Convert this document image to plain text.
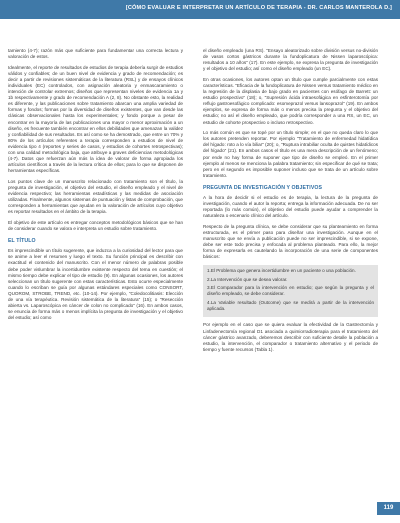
[CÓMO EVALUAR E INTERPRETAR UN ARTÍCULO DE TERAPIA - DR. CARLOS MANTEROLA D.]

tamiento (4-7); razón más que suficiente para fundamentar una correcta lectura y valoración de estos.

Idealmente, el reporte de resultados de estudios de terapia debería surgir de estudios válidos y confiables; de un buen nivel de evidencia y grado de recomendación; es decir a partir de revisiones sistemáticas de la literatura (RSL) y de ensayos clínicos individuales (EC) controlados, con asignación aleatoria y enmascaramiento o intención de controlar extremos; diseños que representan niveles de evidencia 1a y 1b respectivamente y grado de recomendación A (2, 8). No obstante esto, la realidad es diferente, y las publicaciones sobre tratamiento abarcan una amplia variedad de formas y fondos; formas por la diversidad de diseños existentes, que van desde las clásicas observacionales hasta los experimentales; y fondo porque a pesar de encontrar en la mayoría de las publicaciones una mayor o menor aproximación a un diseño, es frecuente también encontrar en ellos debilidades que amenazan la validez y confiabilidad de sus resultados. Es así como se ha demostrado, que entre un 70% y 80% de los artículos referentes a terapia corresponden a estudios de nivel de evidencia tipo 4 (reportes y series de casos, y estudios de cohortes retrospectivas); con una calidad metodológica baja, que atribuye a graves deficiencias metodológicas (4-7). Datos que refuerzan aún más la idea de valorar de forma apropiada los artículos científicos a través de la lectura crítica de ellos; para lo que se disponen de herramientas específicas.

Los puntos clave de un manuscrito relacionado con tratamiento son el título, la pregunta de investigación, el objetivo del estudio, el diseño empleado y el nivel de evidencia respectivo; las herramientas estadísticas y las medidas de asociación utilizadas. Finalmente, algunos sistemas de puntuación y listas de comprobación, que corresponden a herramientas que ayudan en la valoración de artículos cuyo objetivo es reportar resultados en el ámbito de la terapia.

El objetivo de este artículo es entregar conceptos metodológicos básicos que se han de considerar cuando se valora e interpreta un estudio sobre tratamiento.

EL TÍTULO

Es imprescindible un título sugerente, que induzca a la curiosidad del lector para que se anime a leer el resumen y luego el texto. Su función principal es describir con exactitud el contenido del manuscrito. Con el menor número de palabras posible debe poder vislumbrar la incertidumbre existente respecto del tema en cuestión; el mismo tiempo debe explicar el tipo de estudio (9). En algunas ocasiones, los autores seleccionan un título sugerente con estas características. Esto ocurre especialmente cuando lo escriban se guía por algunas estándares especiales como CONSORT, QUOROM, STROBE, TREND, etc. (10-14). Por ejemplo, "Coledocolitiasis: Elección de una vía terapéutica. Revisión sistemática de la literatura" (15); o "Resección abierta vs. Laparoscópica en cáncer de colon no complicado" (16). En ambos casos, se enuncia de forma más o menos implícita la pregunta de investigación y el objetivo del estudio; así como

el diseño empleado (una RS). "Ensayo aleatorizado sobre división versus no-división de vasos cortos gástricos durante la fundoplicatura de Nissen laparoscópica: resultados a 10 años" (17). En este ejemplo, se expresa la pregunta de investigación y el objetivo del estudio; así como el diseño empleado (un EC).

En otras ocasiones, los autores optan un título que cumple parcialmente con estas características. "Eficacia de la fundoplicatura de Nissen versus tratamiento médico en la regresión de la displasia de bajo grado en pacientes con esófago de Barrett: un estudio prospectivo" (18); o, "Supresión ácida intraesofágica en esfinterotomía por reflujo gastroesofágico complicado: esomeprazol versus lansoprazol" (19). En ambos ejemplos, se expresa de forma más o menos precisa la pregunta y el objetivo del estudio; no así el diseño empleado, que podría corresponder a una RS, un EC, un estudio de cohorte prospectivo o incluso retrospectivo.

Lo más común es que se topé por un título simple; en el que no queda claro lo que los autores pretenden reportar. Por ejemplo "Tratamiento de enfermedad hidatídica del hígado: roto a lo vía biliar" (20); o, "Ruptura intrabiliar oculta de quistes hidatídicos del hígado" (21). En ambos casos el título es una mera descripción de un fenómeno; por ende no hay forma de suponer que tipo de diseño se empleó. En el primer ejemplo al menos se menciona la palabra tratamiento; sin especificar de qué se trata; pero en el segundo es imposible suponer incluso que se trata de un artículo sobre tratamiento.

PREGUNTA DE INVESTIGACIÓN Y OBJETIVOS

A la hora de decidir si el estudio es de terapia, la lectura de la pregunta de investigación, cuando el autor la reporta; entrega la información adecuada. De no ser reportada (lo más común), el objetivo del estudio puede ayudar a comprender la naturaleza o escenario clínico del artículo.

Respecto de la pregunta clínica, se debe considerar que su planteamiento en forma estructurada, es el primer paso para diseñar una investigación. Aunque en el manuscrito que se envía a publicación puede no ser imprescindible, si se expone, debe ser este todo precisa y enfocada al problema planteado. Para ello, la mejor forma de expresarla es cautelando la incorporación de una serie de componentes básicos:

1.El Problema que genera incertidumbre en un paciente o una población.

2.La Intervención que se desea valorar.

3.El Comparador para la intervención en estudio; que según la pregunta y el diseño empleado, se debe considerar.

4.La Variable resultado (Outcome) que se medirá a partir de la intervención aplicada.

Por ejemplo en el caso que se quiera evaluar la efectividad de la Gastrectomía y Linfadenectomía regional D1 asociada a quimiorradioterapia para el tratamiento del cáncer gástrico avanzado, deberemos describir con suficiente detalle la población a estudio, la intervención, el comparador o tratamiento alternativo y el periodo de tiempo y fuente recursos (Tabla 1).

119
